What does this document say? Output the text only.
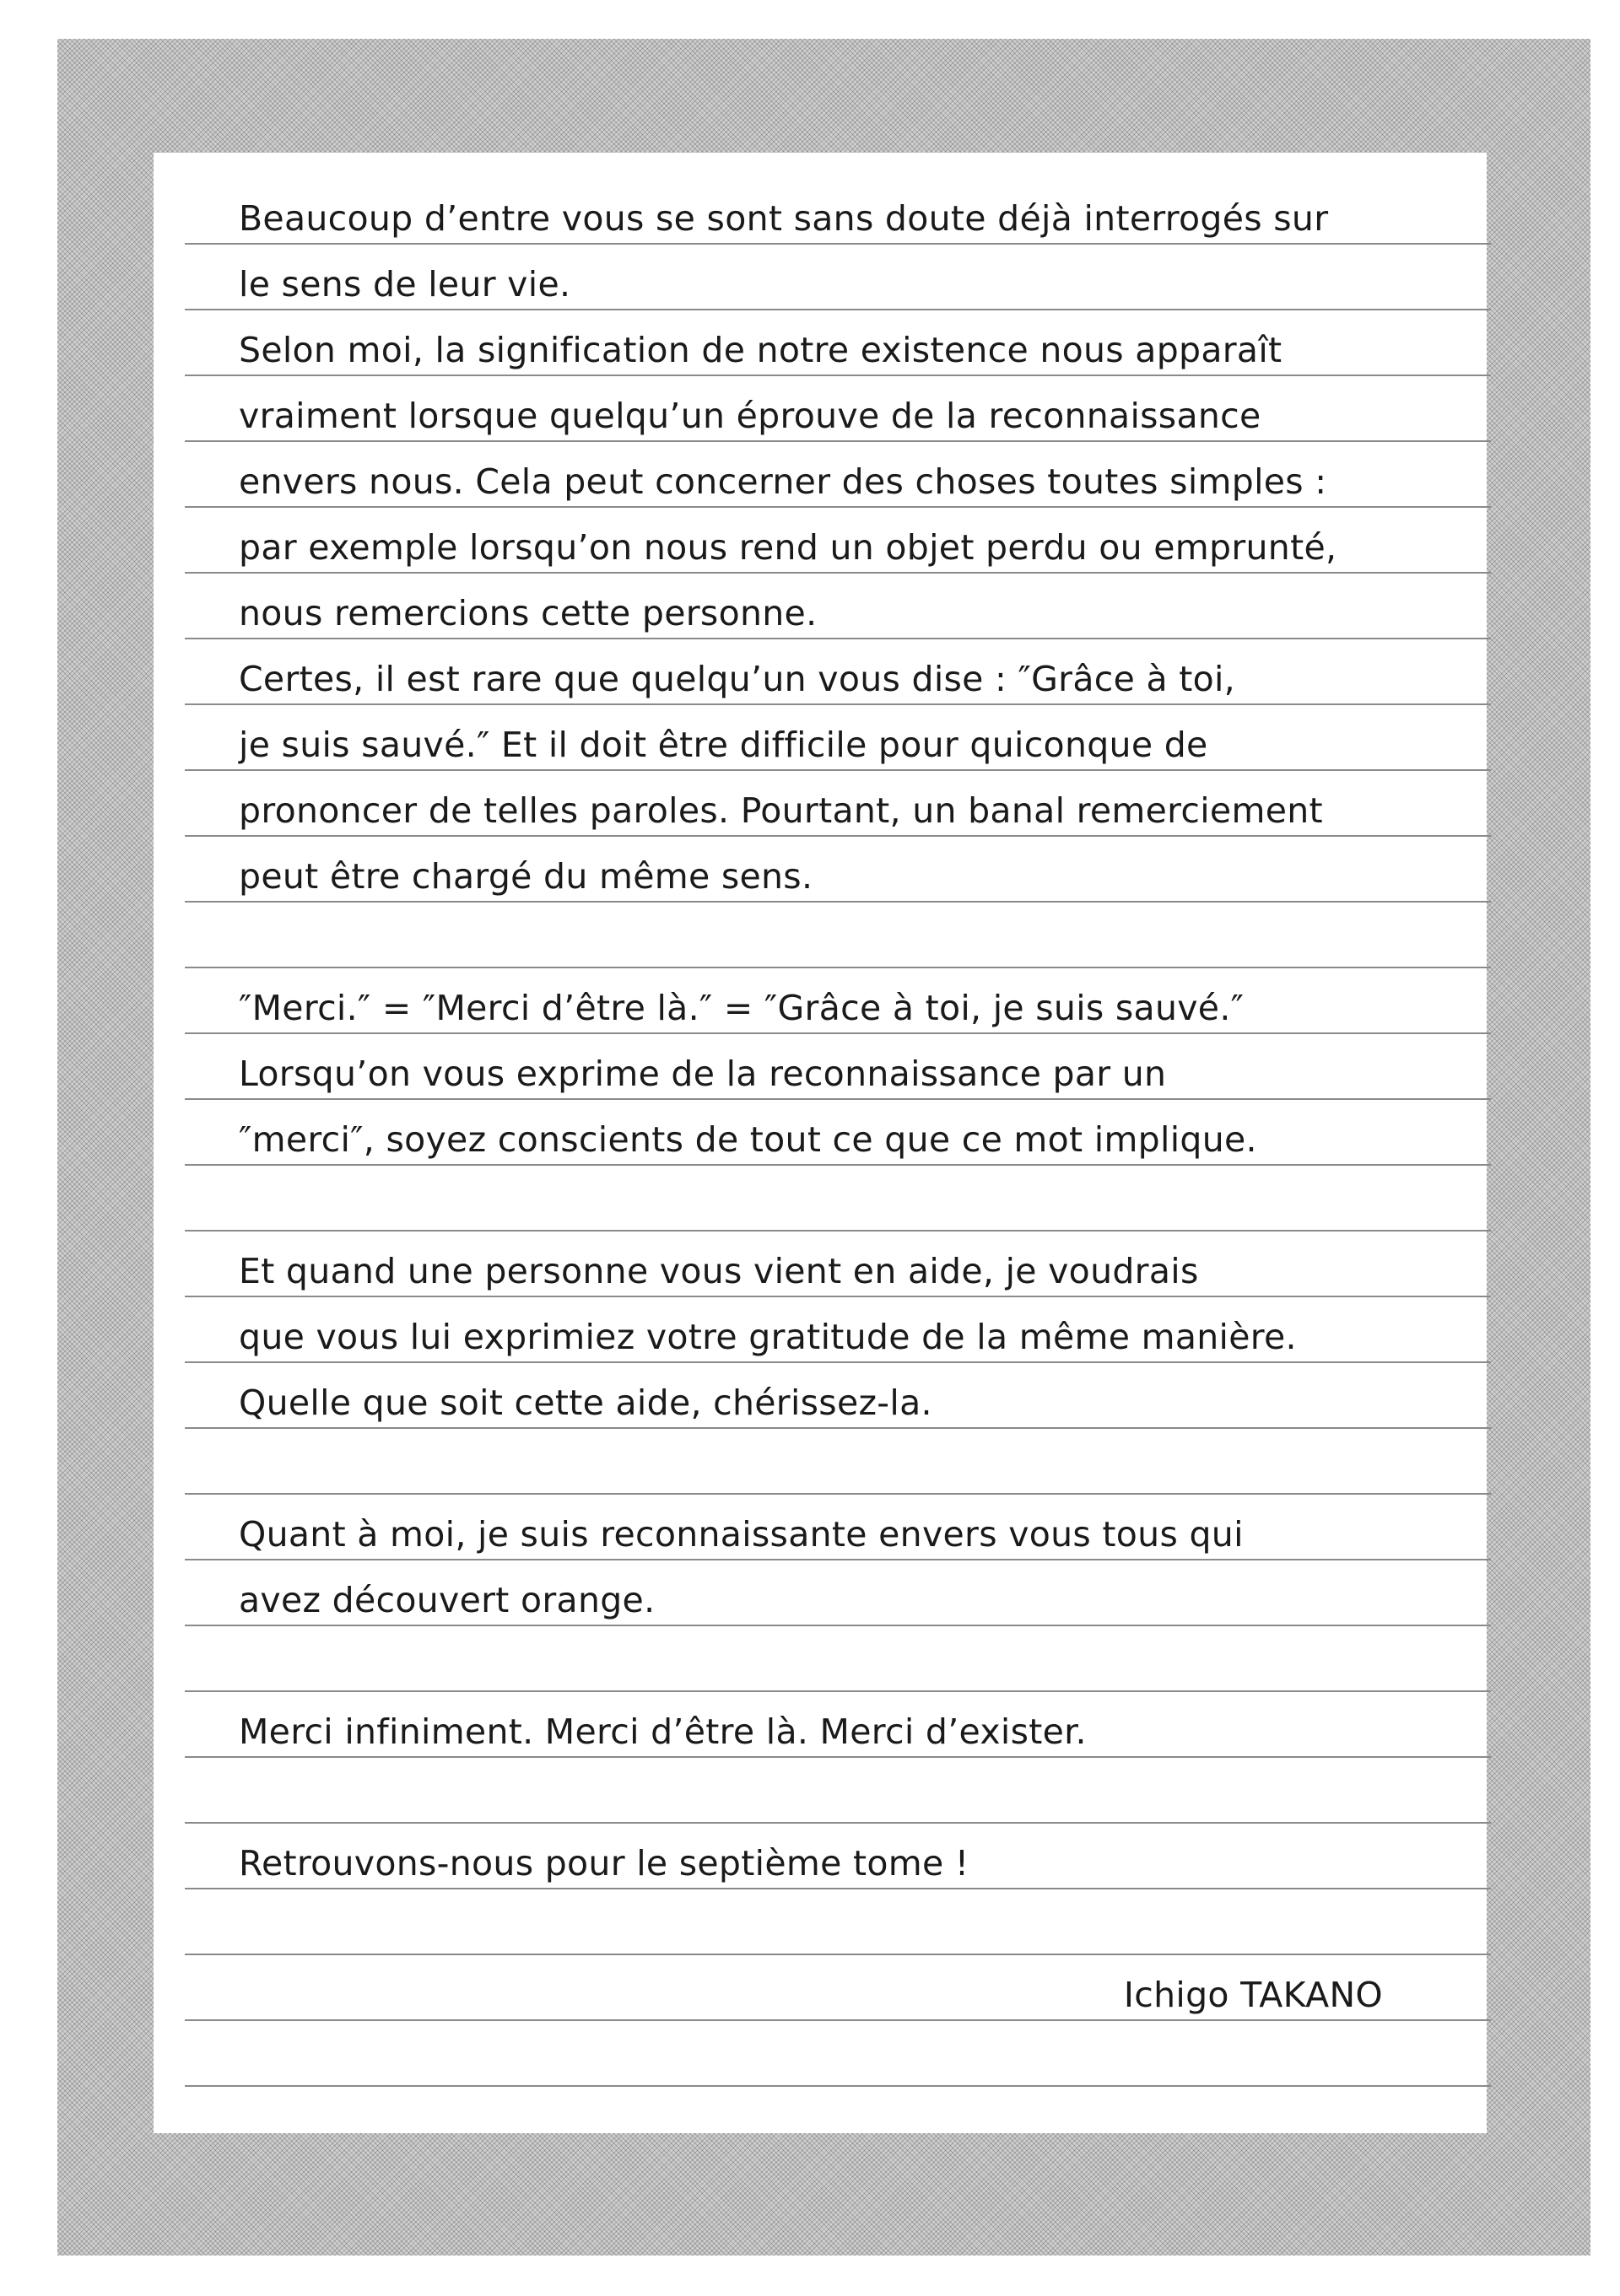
Beaucoup d’entre vous se sont sans doute déjà interrogés sur
le sens de leur vie.
Selon moi, la signification de notre existence nous apparaît
vraiment lorsque quelqu’un éprouve de la reconnaissance
envers nous. Cela peut concerner des choses toutes simples :
par exemple lorsqu’on nous rend un objet perdu ou emprunté,
nous remercions cette personne.
Certes, il est rare que quelqu’un vous dise : ″Grâce à toi,
je suis sauvé.″ Et il doit être difficile pour quiconque de
prononcer de telles paroles. Pourtant, un banal remerciement
peut être chargé du même sens.
″Merci.″ = ″Merci d’être là.″ = ″Grâce à toi, je suis sauvé.″
Lorsqu’on vous exprime de la reconnaissance par un
″merci″, soyez conscients de tout ce que ce mot implique.
Et quand une personne vous vient en aide, je voudrais
que vous lui exprimiez votre gratitude de la même manière.
Quelle que soit cette aide, chérissez-la.
Quant à moi, je suis reconnaissante envers vous tous qui
avez découvert orange.
Merci infiniment. Merci d’être là. Merci d’exister.
Retrouvons-nous pour le septième tome !
Ichigo TAKANO
